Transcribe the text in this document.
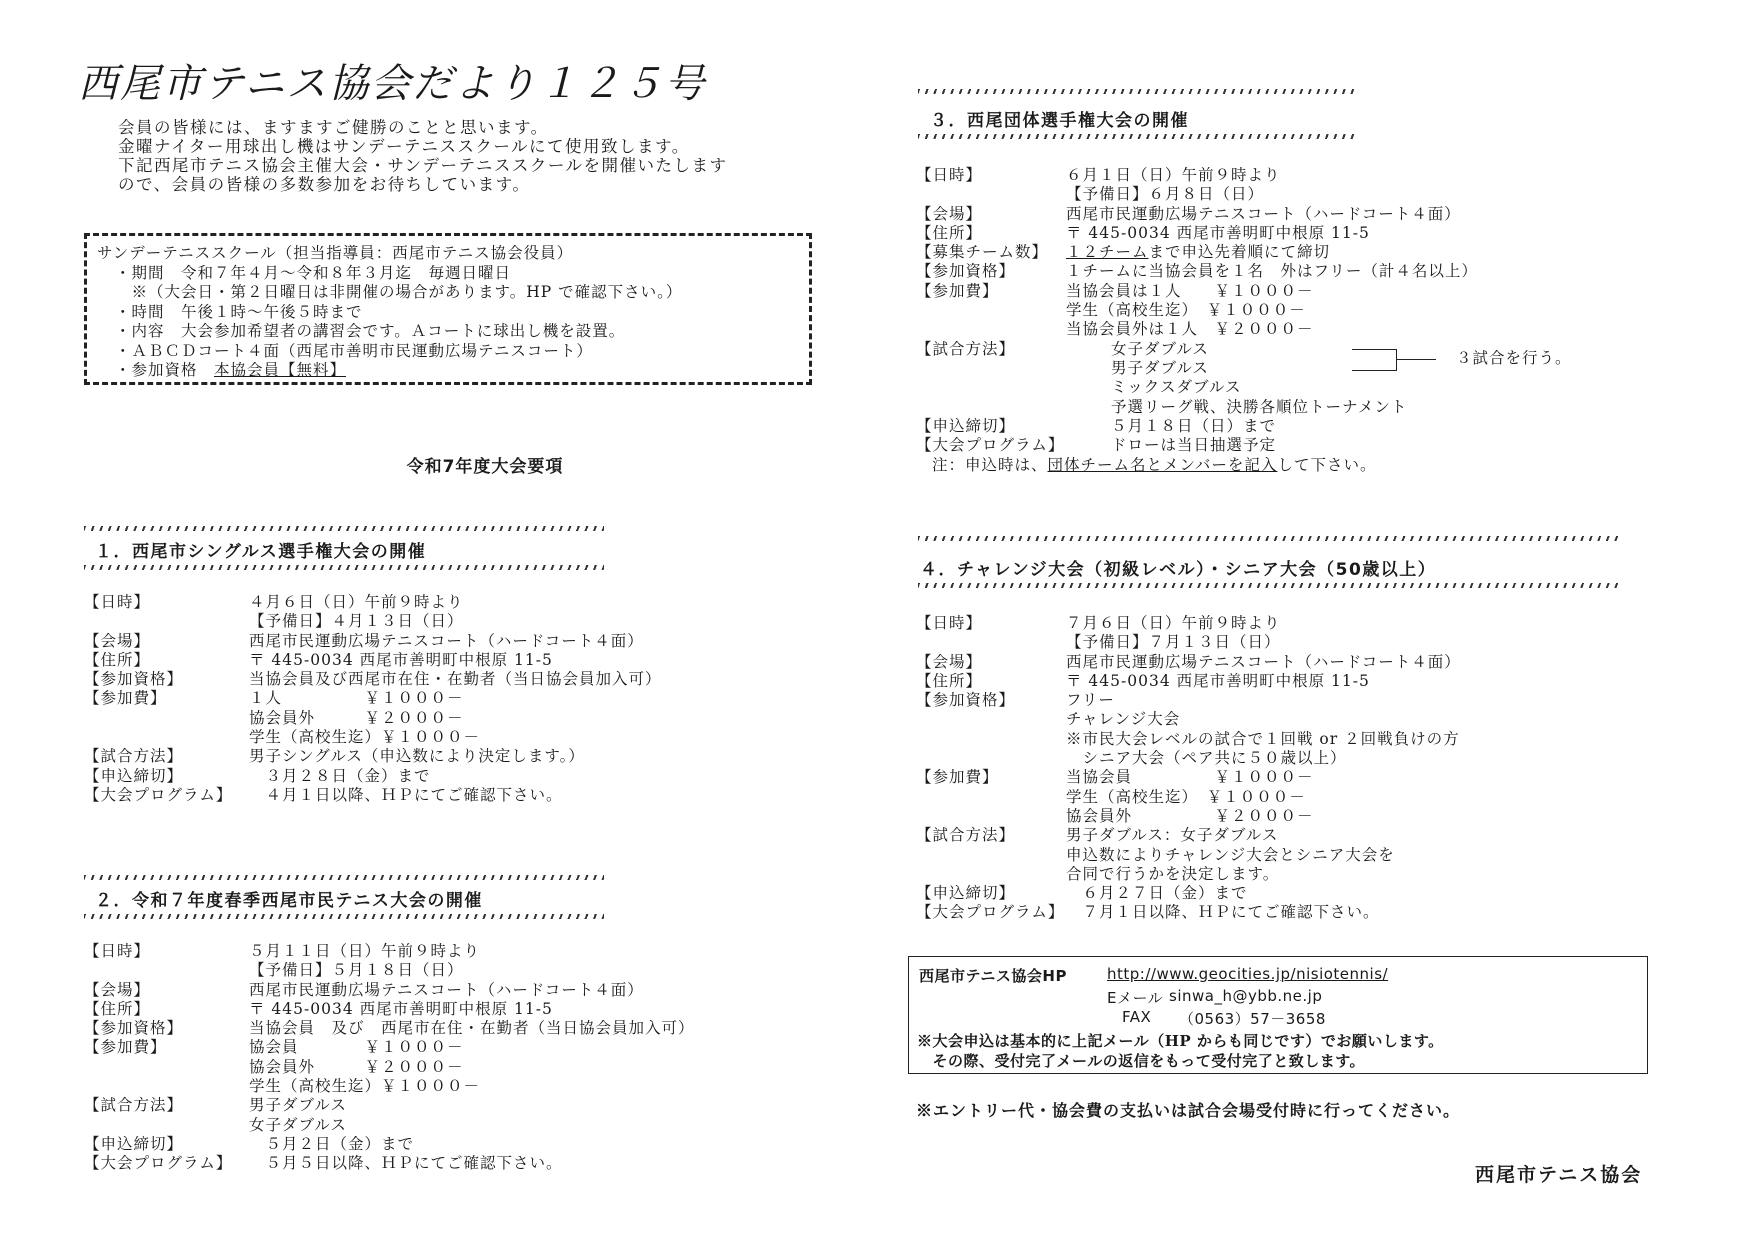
西尾市テニス協会だより１２５号
会員の皆様には、ますますご健勝のことと思います。
金曜ナイター用球出し機はサンデーテニススクールにて使用致します。
下記西尾市テニス協会主催大会・サンデーテニススクールを開催いたします
ので、会員の皆様の多数参加をお待ちしています。
サンデーテニススクール（担当指導員：西尾市テニス協会役員）
・期間　令和７年４月～令和８年３月迄　毎週日曜日
　※（大会日・第２日曜日は非開催の場合があります。HP で確認下さい。）
・時間　午後１時～午後５時まで
・内容　大会参加希望者の講習会です。Ａコートに球出し機を設置。
・ＡＢＣＤコート４面（西尾市善明市民運動広場テニスコート）
・参加資格　本協会員【無料】
令和7年度大会要項
１．西尾市シングルス選手権大会の開催
【日時】	４月６日（日）午前９時より
【予備日】４月１３日（日）
【会場】	西尾市民運動広場テニスコート（ハードコート４面）
【住所】	〒 445-0034 西尾市善明町中根原 11-5
【参加資格】	当協会員及び西尾市在住・在勤者（当日協会員加入可）
【参加費】	１人　　　　　￥１０００－
協会員外　　　￥２０００－
学生（高校生迄）￥１０００－
【試合方法】	男子シングルス（申込数により決定します。）
【申込締切】	　３月２８日（金）まで
【大会プログラム】 　４月１日以降、ＨＰにてご確認下さい。
２．令和７年度春季西尾市民テニス大会の開催
【日時】	５月１１日（日）午前９時より
【予備日】５月１８日（日）
【会場】	西尾市民運動広場テニスコート（ハードコート４面）
【住所】	〒 445-0034 西尾市善明町中根原 11-5
【参加資格】	当協会員　及び　西尾市在住・在勤者（当日協会員加入可）
【参加費】	協会員　　　　￥１０００－
協会員外　　　￥２０００－
学生（高校生迄）￥１０００－
【試合方法】	男子ダブルス
女子ダブルス
【申込締切】	　５月２日（金）まで
【大会プログラム】 　５月５日以降、ＨＰにてご確認下さい。
３．西尾団体選手権大会の開催
【日時】	６月１日（日）午前９時より
【予備日】６月８日（日）
【会場】	西尾市民運動広場テニスコート（ハードコート４面）
【住所】	〒 445-0034 西尾市善明町中根原 11-5
【募集チーム数】 １２チームまで申込先着順にて締切
【参加資格】	１チームに当協会員を１名　外はフリー（計４名以上）
【参加費】	当協会員は１人　　￥１０００－
学生（高校生迄）　￥１０００－
当協会員外は１人　￥２０００－
【試合方法】	女子ダブルス
男子ダブルス
ミックスダブルス
３試合を行う。
予選リーグ戦、決勝各順位トーナメント

【申込締切】	５月１８日（日）まで
【大会プログラム】	ドローは当日抽選予定
注：申込時は、団体チーム名とメンバーを記入して下さい。
４．チャレンジ大会（初級レベル）・シニア大会（50歳以上）
【日時】	７月６日（日）午前９時より
【予備日】７月１３日（日）
【会場】	西尾市民運動広場テニスコート（ハードコート４面）
【住所】	〒 445-0034 西尾市善明町中根原 11-5
【参加資格】	フリー
チャレンジ大会
※市民大会レベルの試合で１回戦 or ２回戦負けの方
　シニア大会（ペア共に５０歳以上）
【参加費】	当協会員　　　　　￥１０００－
学生（高校生迄）　￥１０００－
協会員外　　　　　￥２０００－
【試合方法】	男子ダブルス：女子ダブルス
申込数によりチャレンジ大会とシニア大会を
合同で行うかを決定します。
【申込締切】	　６月２７日（金）まで
【大会プログラム】 　７月１日以降、ＨＰにてご確認下さい。
西尾市テニス協会HP	http://www.geocities.jp/nisiotennis/
Eメール sinwa_h@ybb.ne.jp
FAX （0563）57－3658
※大会申込は基本的に上記メール（HP からも同じです）でお願いします。
　その際、受付完了メールの返信をもって受付完了と致します。
※エントリー代・協会費の支払いは試合会場受付時に行ってください。
西尾市テニス協会
